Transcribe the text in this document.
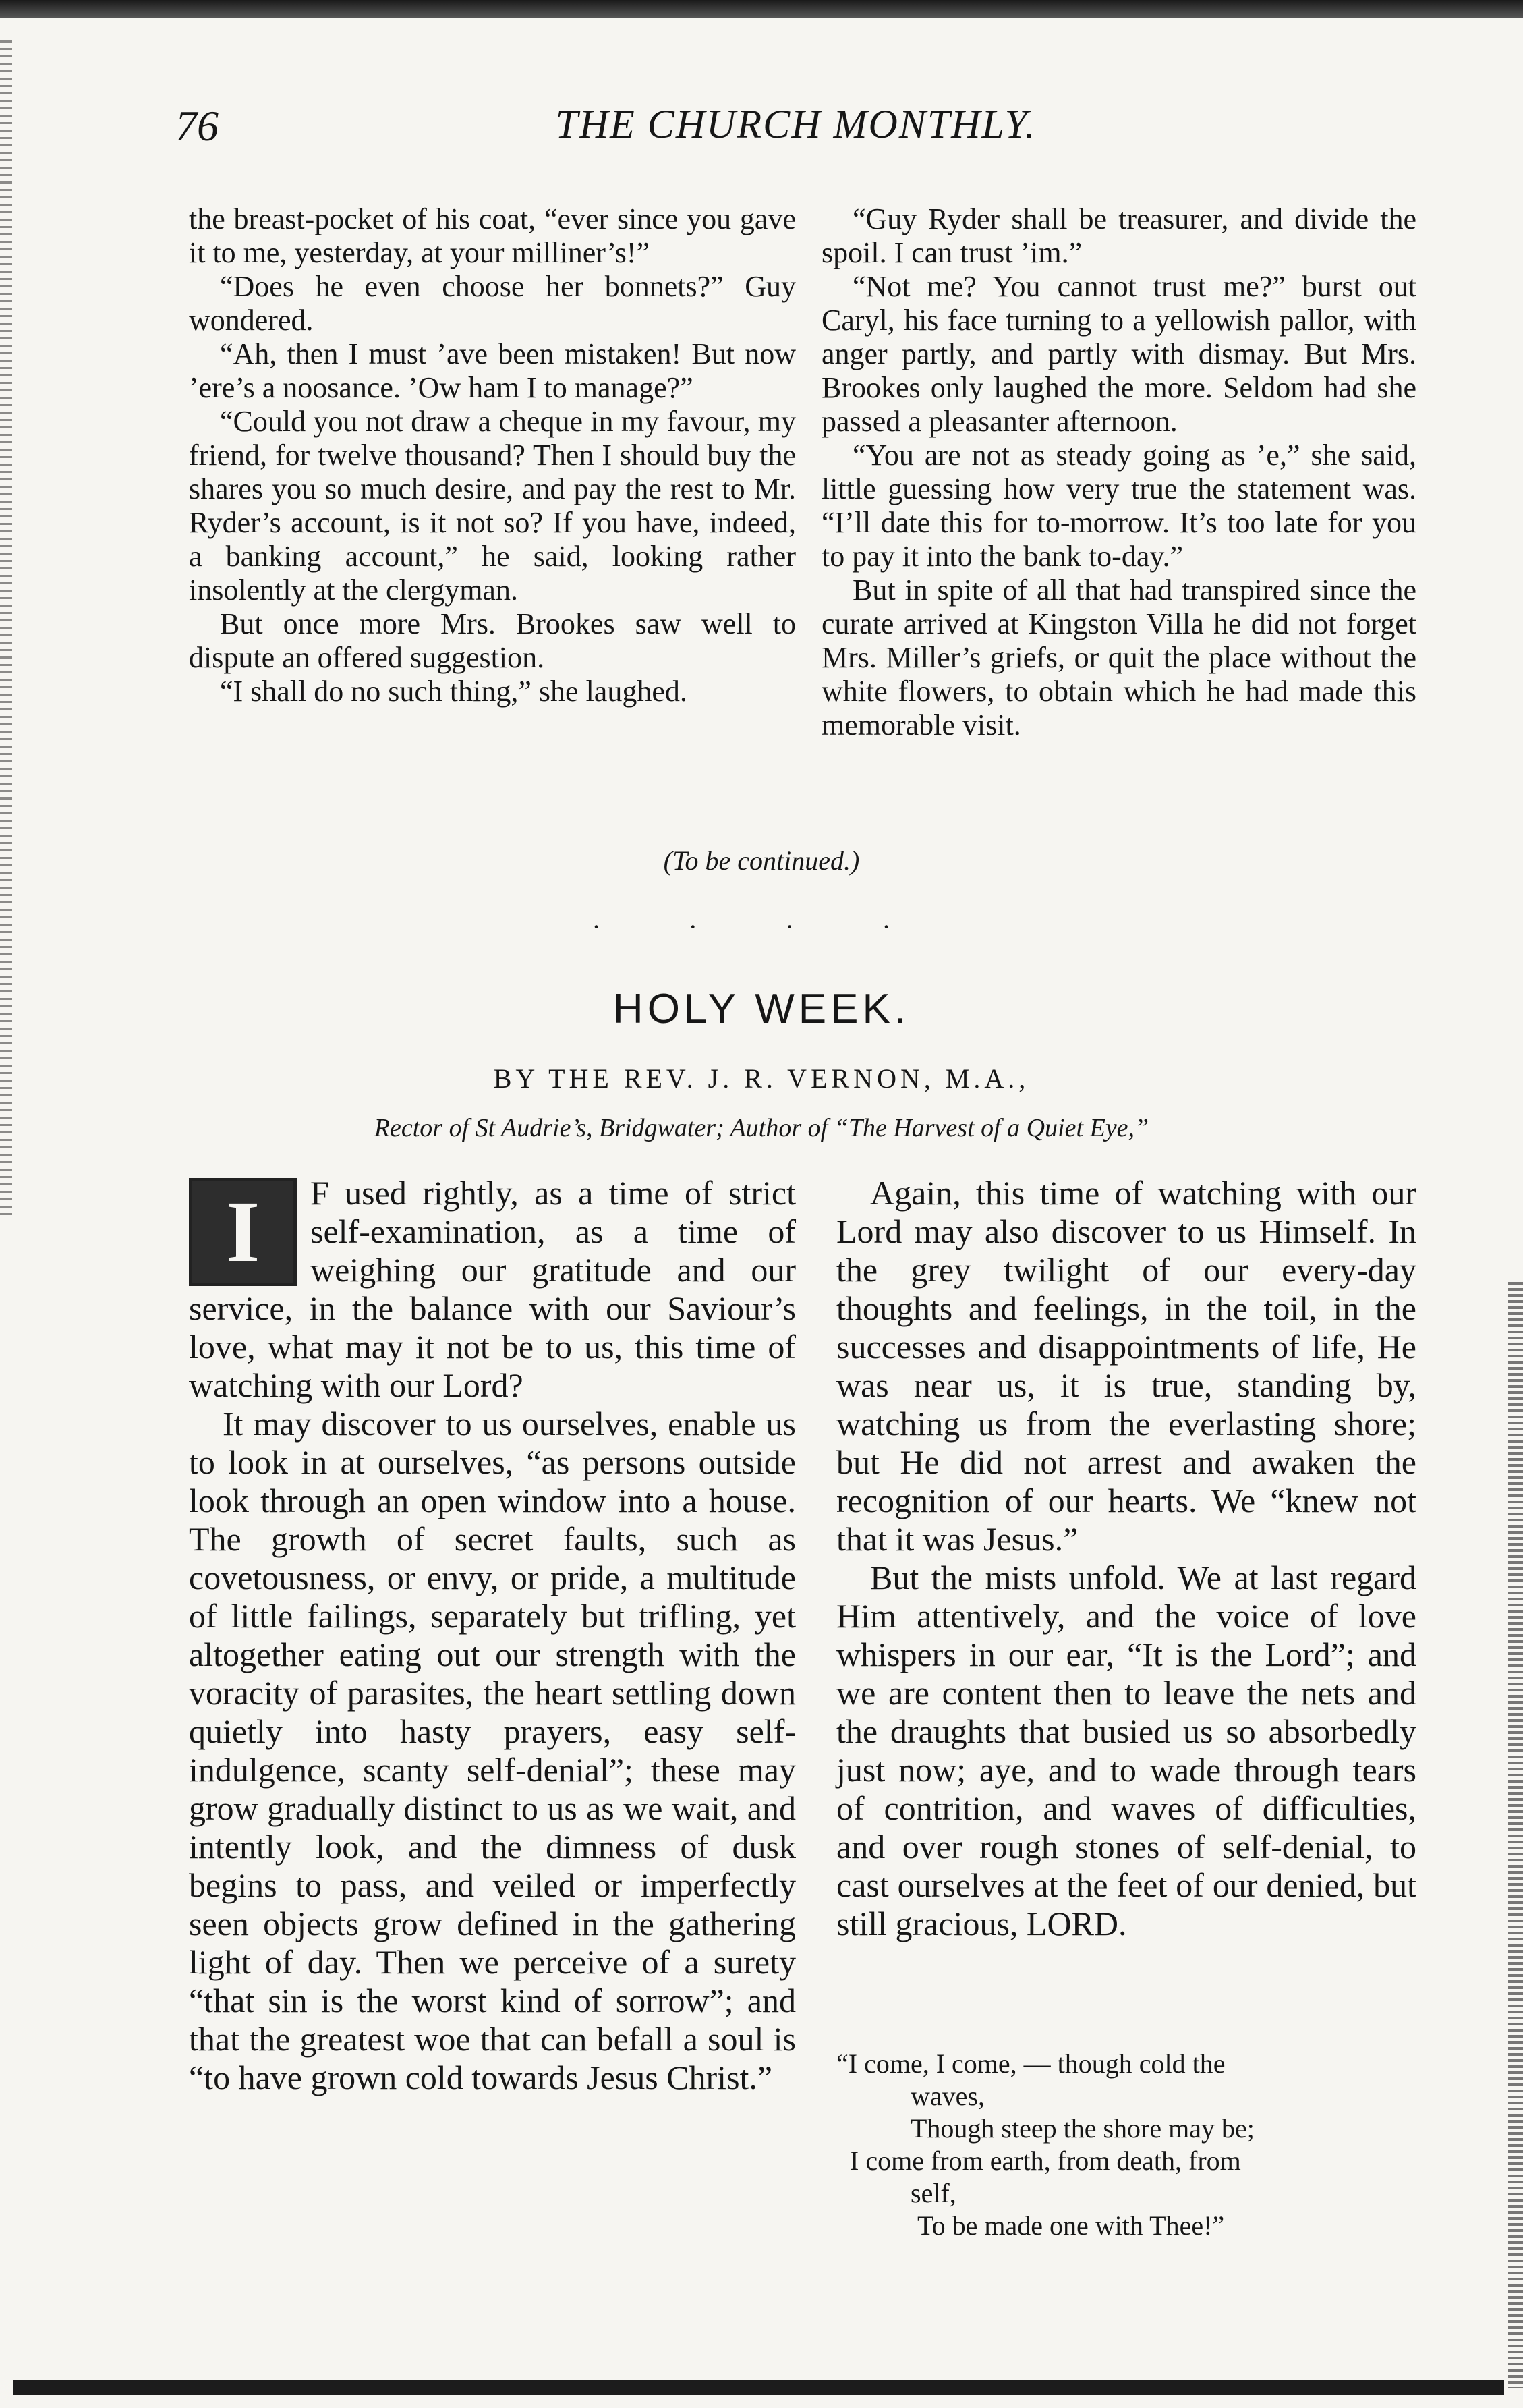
76	THE CHURCH MONTHLY.

the breast-pocket of his coat, “ever since you gave it to me, yesterday, at your milliner’s!”

“Does he even choose her bonnets?” Guy wondered.

“Ah, then I must ’ave been mistaken! But now ’ere’s a noosance. ’Ow ham I to manage?”

“Could you not draw a cheque in my favour, my friend, for twelve thousand? Then I should buy the shares you so much desire, and pay the rest to Mr. Ryder’s account, is it not so? If you have, indeed, a banking account,” he said, looking rather insolently at the clergyman.

But once more Mrs. Brookes saw well to dispute an offered suggestion.

“I shall do no such thing,” she laughed.

“Guy Ryder shall be treasurer, and divide the spoil. I can trust ’im.”

“Not me? You cannot trust me?” burst out Caryl, his face turning to a yellowish pallor, with anger partly, and partly with dismay. But Mrs. Brookes only laughed the more. Seldom had she passed a pleasanter afternoon.

“You are not as steady going as ’e,” she said, little guessing how very true the statement was. “I’ll date this for to-morrow. It’s too late for you to pay it into the bank to-day.”

But in spite of all that had transpired since the curate arrived at Kingston Villa he did not forget Mrs. Miller’s griefs, or quit the place without the white flowers, to obtain which he had made this memorable visit.

(To be continued.)
· · · ·
HOLY WEEK.
BY THE REV. J. R. VERNON, M.A.,
Rector of St Audrie’s, Bridgwater; Author of “The Harvest of a Quiet Eye,”

I	F used rightly, as a time of strict self-examination, as a time of weighing our gratitude and our service, in the balance with our Saviour’s love, what may it not be to us, this time of watching with our Lord?

It may discover to us ourselves, enable us to look in at ourselves, “as persons outside look through an open window into a house. The growth of secret faults, such as covetousness, or envy, or pride, a multitude of little failings, separately but trifling, yet altogether eating out our strength with the voracity of parasites, the heart settling down quietly into hasty prayers, easy self-indulgence, scanty self-denial”; these may grow gradually distinct to us as we wait, and intently look, and the dimness of dusk begins to pass, and veiled or imperfectly seen objects grow defined in the gathering light of day. Then we perceive of a surety “that sin is the worst kind of sorrow”; and that the greatest woe that can befall a soul is “to have grown cold towards Jesus Christ.”

Again, this time of watching with our Lord may also discover to us Himself. In the grey twilight of our every-day thoughts and feelings, in the toil, in the successes and disappointments of life, He was near us, it is true, standing by, watching us from the everlasting shore; but He did not arrest and awaken the recognition of our hearts. We “knew not that it was Jesus.”

But the mists unfold. We at last regard Him attentively, and the voice of love whispers in our ear, “It is the Lord”; and we are content then to leave the nets and the draughts that busied us so absorbedly just now; aye, and to wade through tears of contrition, and waves of difficulties, and over rough stones of self-denial, to cast ourselves at the feet of our denied, but still gracious, LORD.

“I come, I come, — though cold the
waves,
Though steep the shore may be;
I come from earth, from death, from
self,
To be made one with Thee!”
